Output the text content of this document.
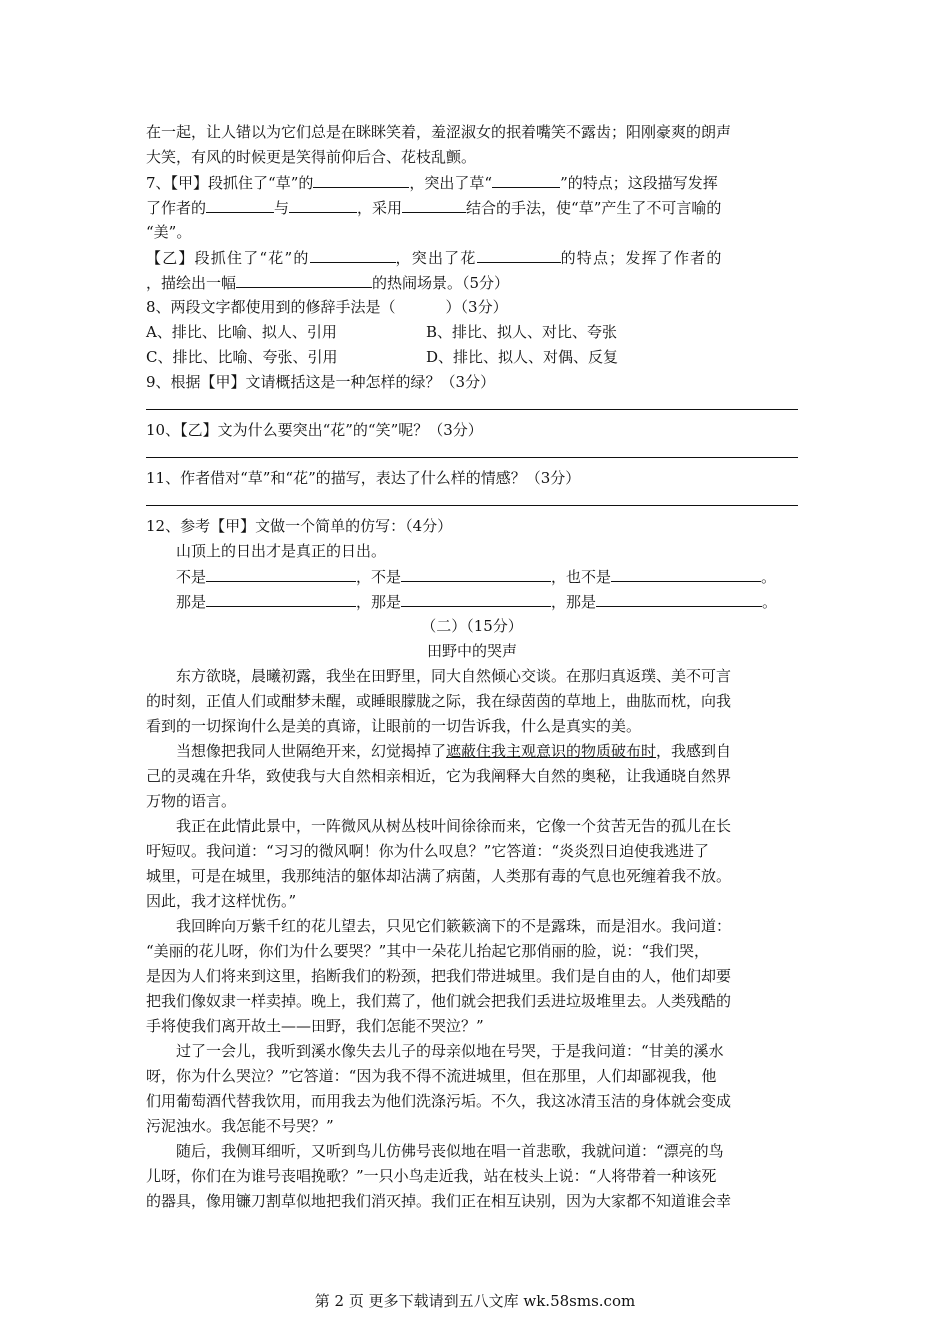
在一起，让人错以为它们总是在眯眯笑着，羞涩淑女的抿着嘴笑不露齿；阳刚豪爽的朗声
大笑，有风的时候更是笑得前仰后合、花枝乱颤。
7、【甲】段抓住了“草”的	，突出了草“	”的特点；这段描写发挥
了作者的	与	，采用	结合的手法，使“草”产生了不可言喻的
“美”。
【乙】段抓住了“花”的	，突出了花	的特点；发挥了作者的
，描绘出一幅	的热闹场景。（5分）
8、两段文字都使用到的修辞手法是（	）（3分）
A、排比、比喻、拟人、引用	B、排比、拟人、对比、夸张
C、排比、比喻、夸张、引用	D、排比、拟人、对偶、反复
9、根据【甲】文请概括这是一种怎样的绿？（3分）
10、【乙】文为什么要突出“花”的“笑”呢？（3分）
11、作者借对“草”和“花”的描写，表达了什么样的情感？（3分）
12、参考【甲】文做一个简单的仿写：（4分）
山顶上的日出才是真正的日出。
不是	，不是	，也不是	。
那是	，那是	，那是	。
（二）（15分）
田野中的哭声
东方欲晓，晨曦初露，我坐在田野里，同大自然倾心交谈。在那归真返璞、美不可言
的时刻，正值人们或酣梦未醒，或睡眼朦胧之际，我在绿茵茵的草地上，曲肱而枕，向我
看到的一切探询什么是美的真谛，让眼前的一切告诉我，什么是真实的美。
当想像把我同人世隔绝开来，幻觉揭掉了遮蔽住我主观意识的物质破布时，我感到自
己的灵魂在升华，致使我与大自然相亲相近，它为我阐释大自然的奥秘，让我通晓自然界
万物的语言。
我正在此情此景中，一阵微风从树丛枝叶间徐徐而来，它像一个贫苦无告的孤儿在长
吁短叹。我问道：“习习的微风啊！你为什么叹息？”它答道：“炎炎烈日迫使我逃进了
城里，可是在城里，我那纯洁的躯体却沾满了病菌，人类那有毒的气息也死缠着我不放。
因此，我才这样忧伤。”
我回眸向万紫千红的花儿望去，只见它们簌簌滴下的不是露珠，而是泪水。我问道：
“美丽的花儿呀，你们为什么要哭？”其中一朵花儿抬起它那俏丽的脸，说：“我们哭，
是因为人们将来到这里，掐断我们的粉颈，把我们带进城里。我们是自由的人，他们却要
把我们像奴隶一样卖掉。晚上，我们蔫了，他们就会把我们丢进垃圾堆里去。人类残酷的
手将使我们离开故土——田野，我们怎能不哭泣？”
过了一会儿，我听到溪水像失去儿子的母亲似地在号哭，于是我问道：“甘美的溪水
呀，你为什么哭泣？”它答道：“因为我不得不流进城里，但在那里，人们却鄙视我，他
们用葡萄酒代替我饮用，而用我去为他们洗涤污垢。不久，我这冰清玉洁的身体就会变成
污泥浊水。我怎能不号哭？”
随后，我侧耳细听，又听到鸟儿仿佛号丧似地在唱一首悲歌，我就问道：“漂亮的鸟
儿呀，你们在为谁号丧唱挽歌？”一只小鸟走近我，站在枝头上说：“人将带着一种该死
的器具，像用镰刀割草似地把我们消灭掉。我们正在相互诀别，因为大家都不知道谁会幸
第 2 页 更多下载请到五八文库 wk.58sms.com
